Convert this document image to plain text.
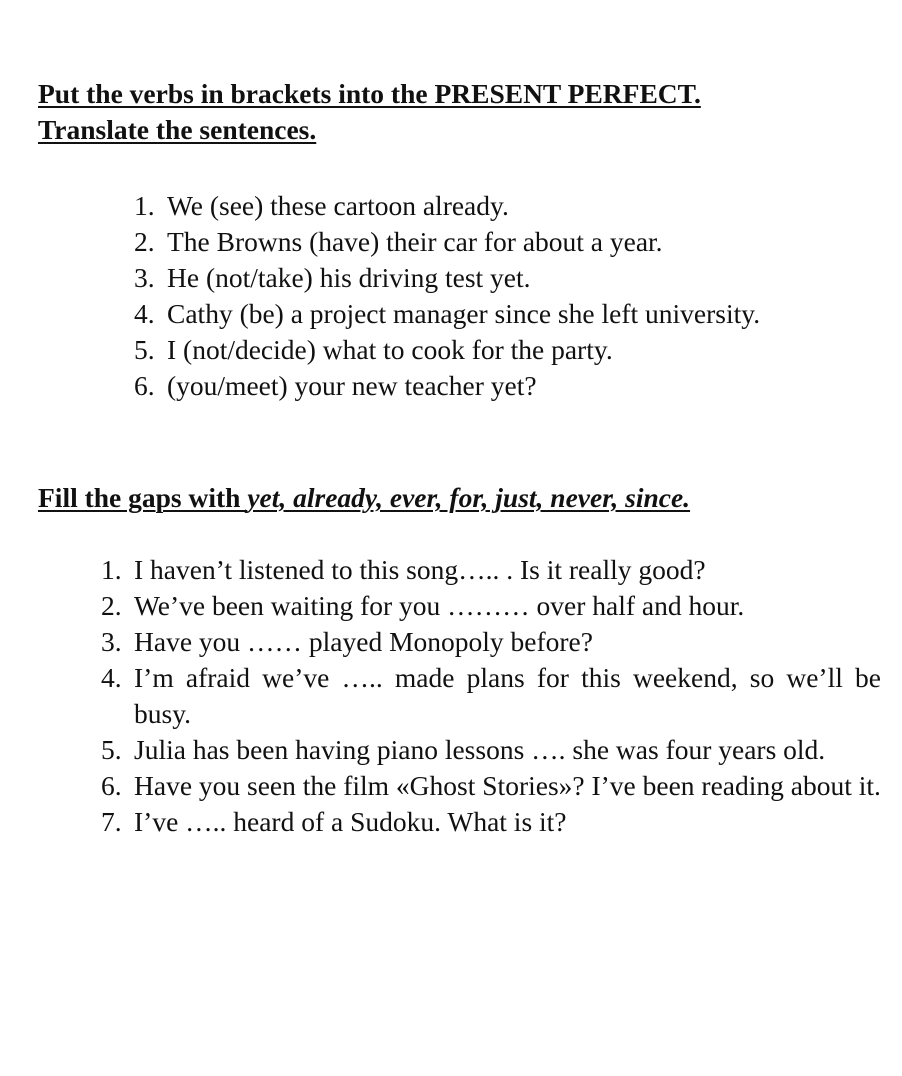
Put the verbs in brackets into the PRESENT PERFECT.
Translate the sentences.

1. We (see) these cartoon already.
2. The Browns (have) their car for about a year.
3. He (not/take) his driving test yet.
4. Cathy (be) a project manager since she left university.
5. I (not/decide) what to cook for the party.
6. (you/meet) your new teacher yet?

Fill the gaps with yet, already, ever, for, just, never, since.

1. I haven’t listened to this song….. . Is it really good?
2. We’ve been waiting for you ……… over half and hour.
3. Have you …… played Monopoly before?
4. I’m afraid we’ve ….. made plans for this weekend, so we’ll be busy.
5. Julia has been having piano lessons …. she was four years old.
6. Have you seen the film «Ghost Stories»? I’ve been reading about it.
7. I’ve ….. heard of a Sudoku. What is it?
